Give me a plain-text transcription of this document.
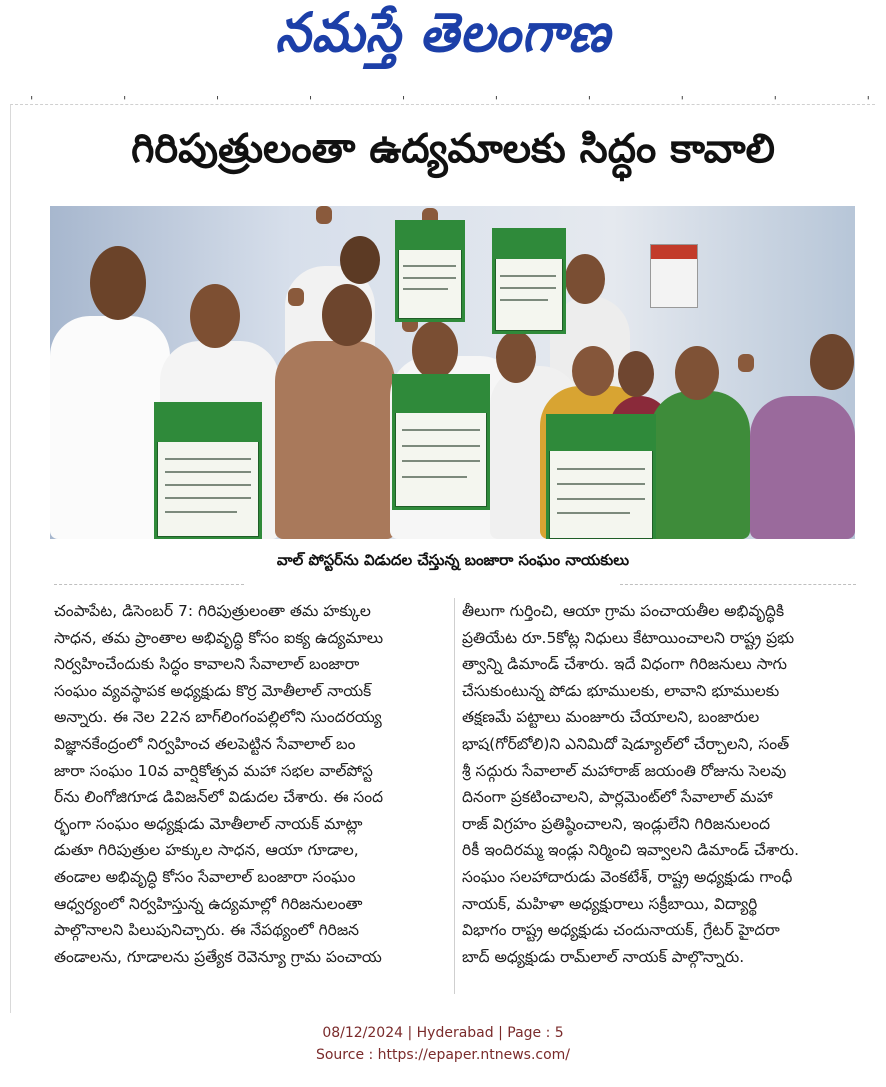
నమస్తే తెలంగాణ
'	'	'	'	'	'	'	'	'	'
గిరిపుత్రులంతా ఉద్యమాలకు సిద్ధం కావాలి
వాల్ పోస్టర్‌ను విడుదల చేస్తున్న బంజారా సంఘం నాయకులు
చంపాపేట, డిసెంబర్ 7: గిరిపుత్రులంతా తమ హక్కుల
సాధన, తమ ప్రాంతాల అభివృద్ధి కోసం ఐక్య ఉద్యమాలు
నిర్వహించేందుకు సిద్ధం కావాలని సేవాలాల్ బంజారా
సంఘం వ్యవస్థాపక అధ్యక్షుడు కొర్ర మోతీలాల్ నాయక్
అన్నారు. ఈ నెల 22న బాగ్‌లింగంపల్లిలోని సుందరయ్య
విజ్ఞానకేంద్రంలో నిర్వహించ తలపెట్టిన సేవాలాల్ బం
జారా సంఘం 10వ వార్షికోత్సవ మహా సభల వాల్‌పోస్ట
ర్‌ను లింగోజిగూడ డివిజన్‌లో విడుదల చేశారు. ఈ సంద
ర్భంగా సంఘం అధ్యక్షుడు మోతీలాల్ నాయక్ మాట్లా
డుతూ గిరిపుత్రుల హక్కుల సాధన, ఆయా గూడాల,
తండాల అభివృద్ధి కోసం సేవాలాల్ బంజారా సంఘం
ఆధ్వర్యంలో నిర్వహిస్తున్న ఉద్యమాల్లో గిరిజనులంతా
పాల్గొనాలని పిలుపునిచ్చారు. ఈ నేపథ్యంలో గిరిజన
తండాలను, గూడాలను ప్రత్యేక రెవెన్యూ గ్రామ పంచాయ
తీలుగా గుర్తించి, ఆయా గ్రామ పంచాయతీల అభివృద్ధికి
ప్రతియేట రూ.5కోట్ల నిధులు కేటాయించాలని రాష్ట్ర ప్రభు
త్వాన్ని డిమాండ్ చేశారు. ఇదే విధంగా గిరిజనులు సాగు
చేసుకుంటున్న పోడు భూములకు, లావాని భూములకు
తక్షణమే పట్టాలు మంజూరు చేయాలని, బంజారుల
భాష(గోర్‌బోలి)ని ఎనిమిదో షెడ్యూల్‌లో చేర్చాలని, సంత్
శ్రీ సద్గురు సేవాలాల్ మహారాజ్ జయంతి రోజును సెలవు
దినంగా ప్రకటించాలని, పార్లమెంట్‌లో సేవాలాల్ మహా
రాజ్ విగ్రహం ప్రతిష్ఠించాలని, ఇండ్లులేని గిరిజనులంద
రికీ ఇందిరమ్మ ఇండ్లు నిర్మించి ఇవ్వాలని డిమాండ్ చేశారు.
సంఘం సలహాదారుడు వెంకటేశ్, రాష్ట్ర అధ్యక్షుడు గాంధీ
నాయక్, మహిళా అధ్యక్షురాలు సక్రీబాయి, విద్యార్థి
విభాగం రాష్ట్ర అధ్యక్షుడు చందునాయక్, గ్రేటర్ హైదరా
బాద్ అధ్యక్షుడు రామ్‌లాల్ నాయక్ పాల్గొన్నారు.
08/12/2024 | Hyderabad | Page : 5
Source : https://epaper.ntnews.com/
